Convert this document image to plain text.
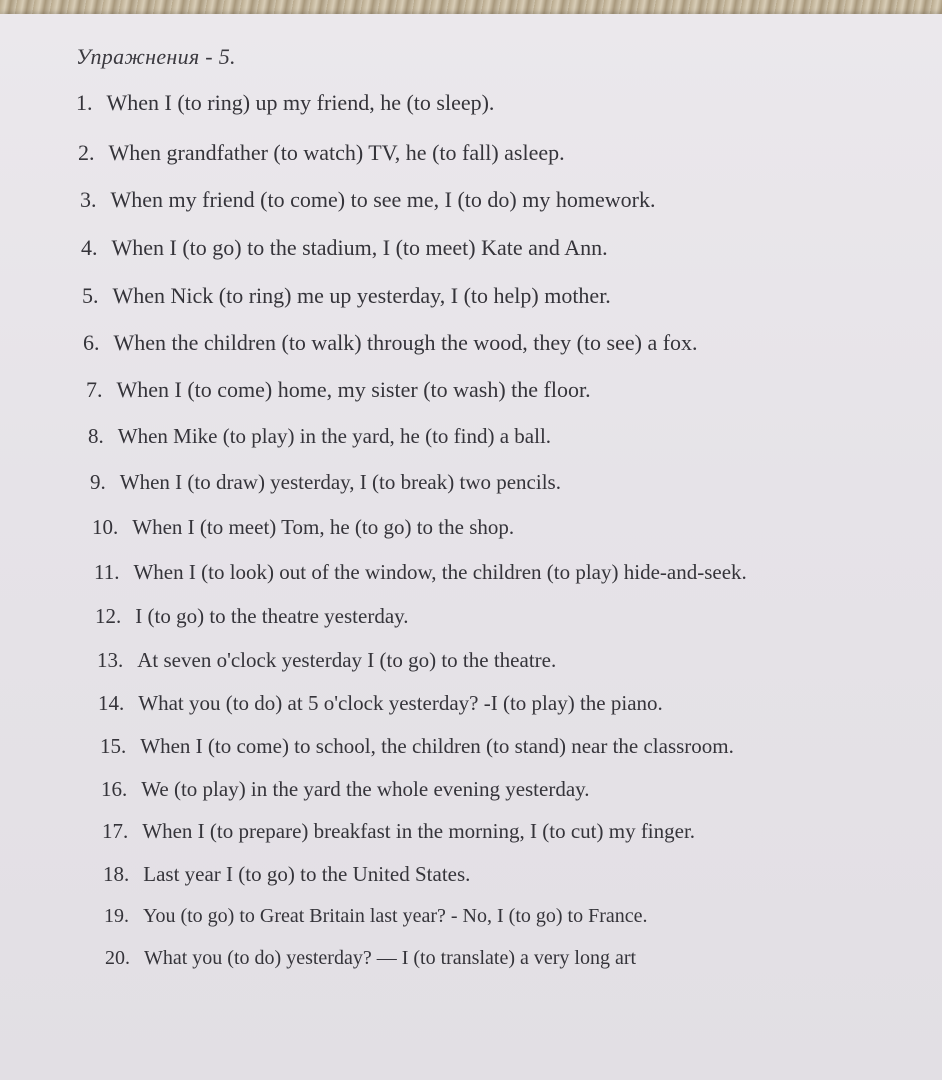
Упражнения - 5.
1. When I (to ring) up my friend, he (to sleep).
2. When grandfather (to watch) TV, he (to fall) asleep.
3. When my friend (to come) to see me, I (to do) my homework.
4. When I (to go) to the stadium, I (to meet) Kate and Ann.
5. When Nick (to ring) me up yesterday, I (to help) mother.
6. When the children (to walk) through the wood, they (to see) a fox.
7. When I (to come) home, my sister (to wash) the floor.
8. When Mike (to play) in the yard, he (to find) a ball.
9. When I (to draw) yesterday, I (to break) two pencils.
10. When I (to meet) Tom, he (to go) to the shop.
11. When I (to look) out of the window, the children (to play) hide-and-seek.
12. I (to go) to the theatre yesterday.
13. At seven o'clock yesterday I (to go) to the theatre.
14. What you (to do) at 5 o'clock yesterday? -I (to play) the piano.
15. When I (to come) to school, the children (to stand) near the classroom.
16. We (to play) in the yard the whole evening yesterday.
17. When I (to prepare) breakfast in the morning, I (to cut) my finger.
18. Last year I (to go) to the United States.
19. You (to go) to Great Britain last year? - No, I (to go) to France.
20. What you (to do) yesterday? — I (to translate) a very long art
